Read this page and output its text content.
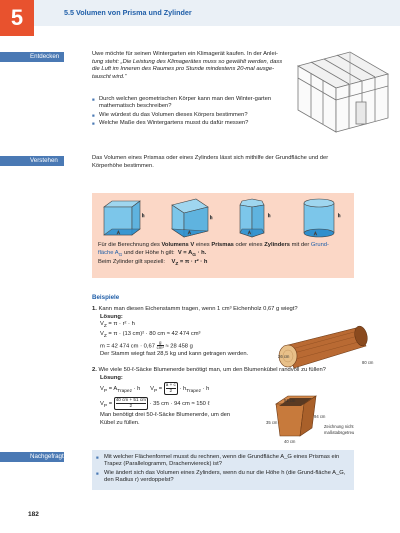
5	5.5 Volumen von Prisma und Zylinder
Entdecken	Uwe möchte für seinen Wintergarten ein Klimagerät kaufen. In der Anlei-
tung steht: „Die Leistung des Klimagerätes muss so gewählt werden, dass
die Luft im Inneren des Raumes pro Stunde mindestens 20-mal ausge-
tauscht wird.“
■ Durch welchen geometrischen Körper kann man den Winter-garten mathematisch beschreiben?
■ Wie würdest du das Volumen dieses Körpers bestimmen?
■ Welche Maße des Wintergartens musst du dafür messen?
Verstehen	Das Volumen eines Prismas oder eines Zylinders lässt sich mithilfe der Grundfläche und der
Körperhöhe bestimmen.
h
A
h
A
h
A
h
A
Für die Berechnung des Volumens V eines Prismas oder eines Zylinders mit der Grund-
fläche $A_G$ und der Höhe h gilt: $V = A_G \cdot h$.
Beim Zylinder gilt speziell: $V_Z = \pi \cdot r^2 \cdot h$
Beispiele
1. Kann man diesen Eichenstamm tragen, wenn 1 cm³ Eichenholz 0,67 g wiegt?
Lösung:
$V_Z = \pi \cdot r^2 \cdot h$
$V_Z = \pi \cdot (13$ cm)² · 80 cm ≈ 42 474 cm³
m = 42 474 cm · $0,67 \frac{g}{\text{cm³}} \approx 28$ 458 g
Der Stamm wiegt fast 28,5 kg und kann getragen werden.	26 cm
80 cm
2. Wie viele 50-ℓ-Säcke Blumenerde benötigt man, um den Blumenkübel randvoll zu füllen?
Lösung:
$V_P = A_{Trapez} \cdot h$ $V_P = \frac{a + c}{2} \cdot h_{Trapez} \cdot h$
$V_P = \frac{40 cm + 51 cm}{2} \cdot 35$ cm · 94 cm ≈ 150 ℓ
Man benötigt drei 50-ℓ-Säcke Blumenerde, um den
Kübel zu füllen.
51 cm
35 cm
40 cm
94 cm
Zeichnung nicht
maßstabsgetreu
Nachgefragt
■	Mit welcher Flächenformel musst du rechnen, wenn die Grundfläche A_G eines Prismas ein Trapez (Parallelogramm, Drachenviereck) ist?
■ Wie ändert sich das Volumen eines Zylinders, wenn du nur die Höhe h (die Grund-fläche A_G, den Radius r) verdoppelst?
182
